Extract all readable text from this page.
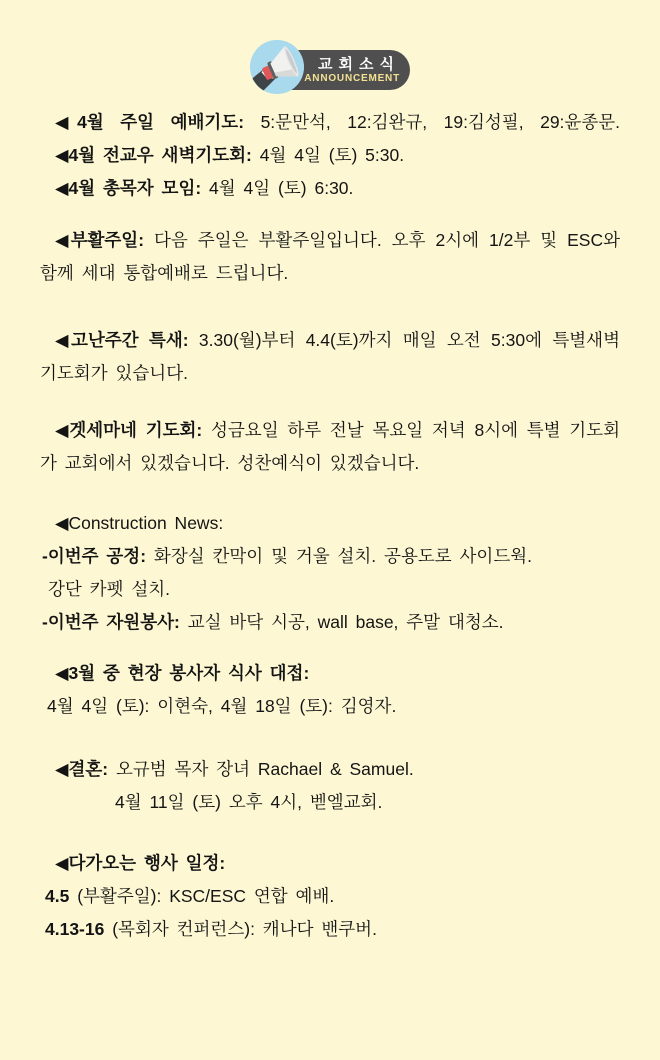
교회소식
ANNOUNCEMENT
◀4월 주일 예배기도: 5:문만석, 12:김완규, 19:김성필, 29:윤종문.
◀4월 전교우 새벽기도회: 4월 4일 (토) 5:30.
◀4월 총목자 모임: 4월 4일 (토) 6:30.
◀부활주일: 다음 주일은 부활주일입니다. 오후 2시에 1/2부 및 ESC와
함께 세대 통합예배로 드립니다.
◀고난주간 특새: 3.30(월)부터 4.4(토)까지 매일 오전 5:30에 특별새벽
기도회가 있습니다.
◀겟세마네 기도회: 성금요일 하루 전날 목요일 저녁 8시에 특별 기도회
가 교회에서 있겠습니다. 성찬예식이 있겠습니다.
◀Construction News:
-이번주 공정: 화장실 칸막이 및 거울 설치. 공용도로 사이드웍.
강단 카펫 설치.
-이번주 자원봉사: 교실 바닥 시공, wall base, 주말 대청소.
◀3월 중 현장 봉사자 식사 대접:
4월 4일 (토): 이현숙, 4월 18일 (토): 김영자.
◀결혼: 오규범 목자 장녀 Rachael & Samuel.
4월 11일 (토) 오후 4시, 벧엘교회.
◀다가오는 행사 일정:
4.5 (부활주일): KSC/ESC 연합 예배.
4.13-16 (목회자 컨퍼런스): 캐나다 밴쿠버.
